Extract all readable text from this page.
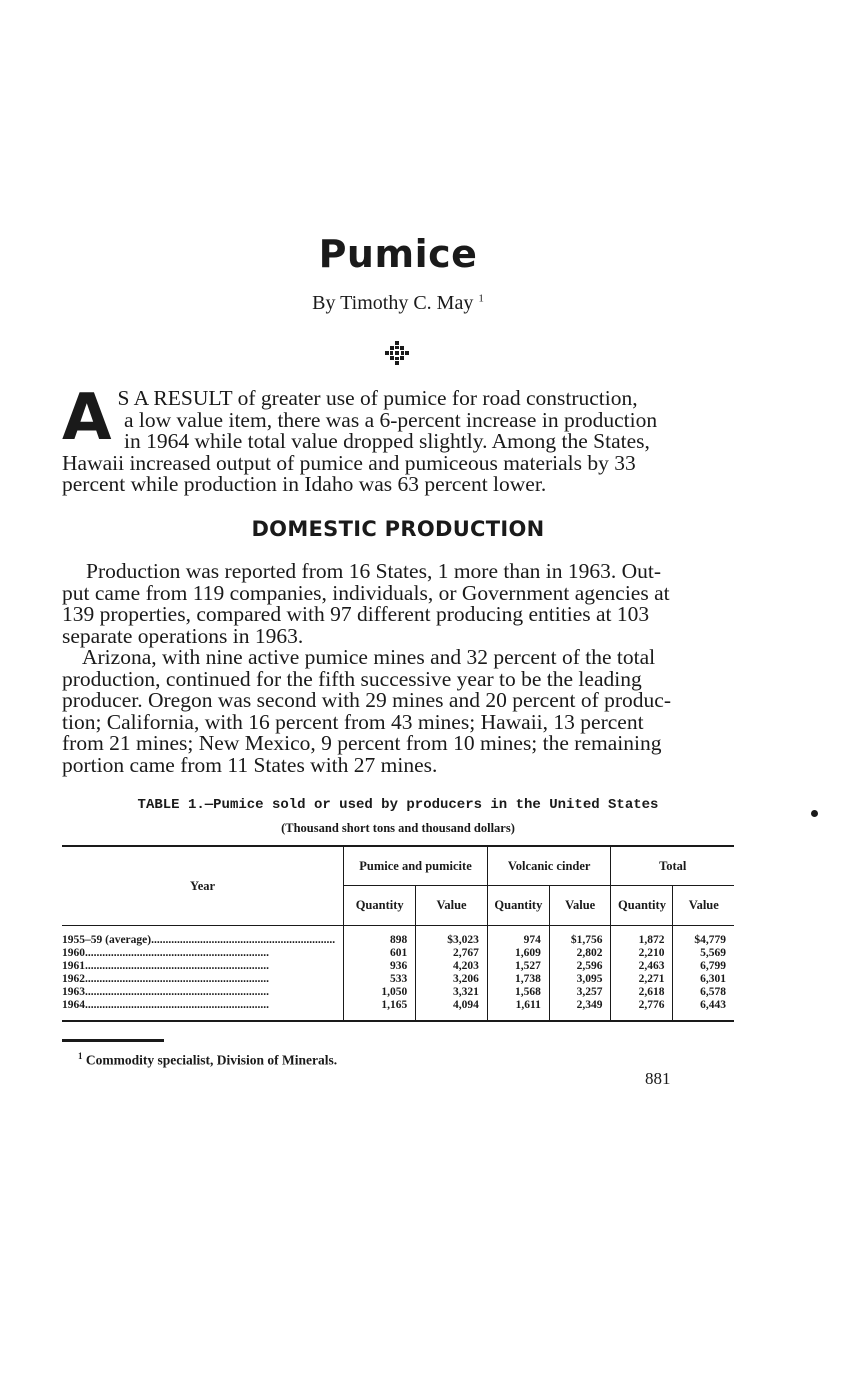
Pumice
By Timothy C. May $^1$
A S A RESULT of greater use of pumice for road construction,
a low value item, there was a 6-percent increase in production
in 1964 while total value dropped slightly. Among the States,
Hawaii increased output of pumice and pumiceous materials by 33
percent while production in Idaho was 63 percent lower.
DOMESTIC PRODUCTION
Production was reported from 16 States, 1 more than in 1963. Out-
put came from 119 companies, individuals, or Government agencies at
139 properties, compared with 97 different producing entities at 103
separate operations in 1963.
Arizona, with nine active pumice mines and 32 percent of the total
production, continued for the fifth successive year to be the leading
producer. Oregon was second with 29 mines and 20 percent of produc-
tion; California, with 16 percent from 43 mines; Hawaii, 13 percent
from 21 mines; New Mexico, 9 percent from 10 mines; the remaining
portion came from 11 States with 27 mines.
TABLE 1.—Pumice sold or used by producers in the United States
(Thousand short tons and thousand dollars)
Year	Pumice and pumicite		Volcanic cinder		Total	
	Quantity	Value	Quantity	Value	Quantity	Value
1955–59 (average) .....	898	$3,023	974	$1,756	1,872	$4,779
1960 .....	601	2,767	1,609	2,802	2,210	5,569
1961 .....	936	4,203	1,527	2,596	2,463	6,799
1962 .....	533	3,206	1,738	3,095	2,271	6,301
1963 .....	1,050	3,321	1,568	3,257	2,618	6,578
1964 .....	1,165	4,094	1,611	2,349	2,776	6,443
$^1$ Commodity specialist, Division of Minerals.
881
